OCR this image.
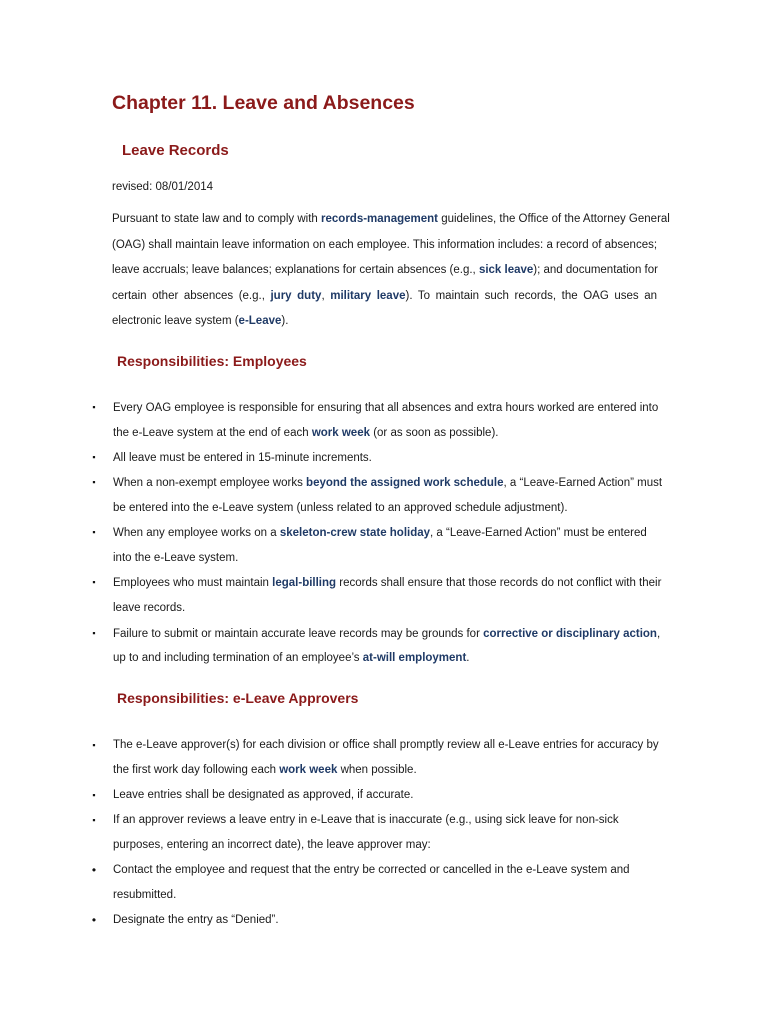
Chapter 11. Leave and Absences
Leave Records
revised: 08/01/2014
Pursuant to state law and to comply with records-management guidelines, the Office of the Attorney General
(OAG) shall maintain leave information on each employee. This information includes: a record of absences;
leave accruals; leave balances; explanations for certain absences (e.g., sick leave); and documentation for
certain other absences (e.g., jury duty, military leave). To maintain such records, the OAG uses an
electronic leave system (e-Leave).
Responsibilities: Employees
▪ Every OAG employee is responsible for ensuring that all absences and extra hours worked are entered into
the e-Leave system at the end of each work week (or as soon as possible).
▪ All leave must be entered in 15-minute increments.
▪ When a non-exempt employee works beyond the assigned work schedule, a “Leave-Earned Action” must
be entered into the e-Leave system (unless related to an approved schedule adjustment).
▪ When any employee works on a skeleton-crew state holiday, a “Leave-Earned Action” must be entered
into the e-Leave system.
▪ Employees who must maintain legal-billing records shall ensure that those records do not conflict with their
leave records.
▪ Failure to submit or maintain accurate leave records may be grounds for corrective or disciplinary action,
up to and including termination of an employee’s at-will employment.
Responsibilities: e-Leave Approvers
▪ The e-Leave approver(s) for each division or office shall promptly review all e-Leave entries for accuracy by
the first work day following each work week when possible.
▪ Leave entries shall be designated as approved, if accurate.
▪ If an approver reviews a leave entry in e-Leave that is inaccurate (e.g., using sick leave for non-sick
purposes, entering an incorrect date), the leave approver may:
• Contact the employee and request that the entry be corrected or cancelled in the e-Leave system and
resubmitted.
• Designate the entry as “Denied”.
